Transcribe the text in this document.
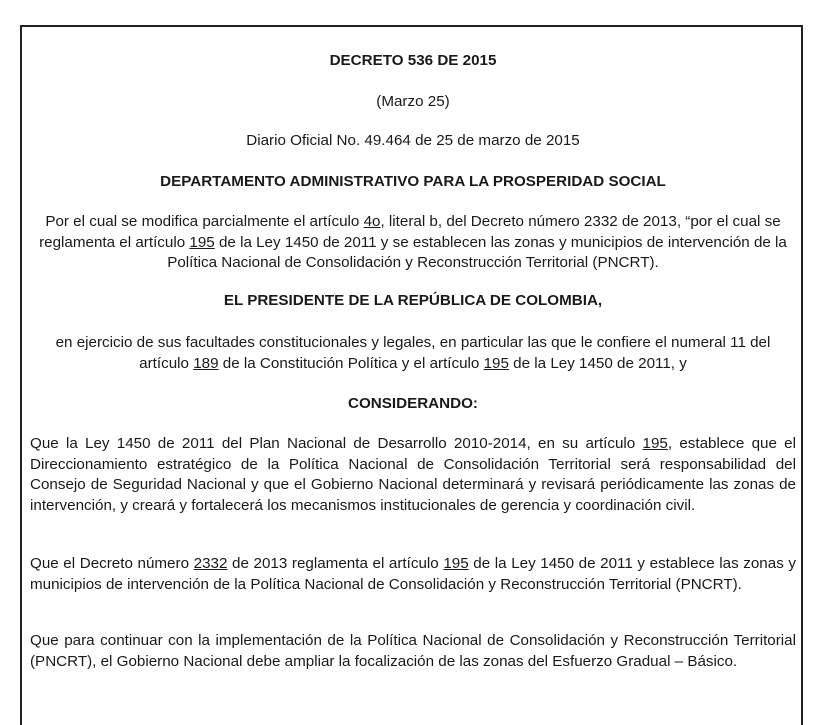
DECRETO 536 DE 2015

(Marzo 25)

Diario Oficial No. 49.464 de 25 de marzo de 2015

DEPARTAMENTO ADMINISTRATIVO PARA LA PROSPERIDAD SOCIAL

Por el cual se modifica parcialmente el artículo 4o, literal b, del Decreto número 2332 de 2013, “por el cual se reglamenta el artículo 195 de la Ley 1450 de 2011 y se establecen las zonas y municipios de intervención de la Política Nacional de Consolidación y Reconstrucción Territorial (PNCRT).

EL PRESIDENTE DE LA REPÚBLICA DE COLOMBIA,

en ejercicio de sus facultades constitucionales y legales, en particular las que le confiere el numeral 11 del artículo 189 de la Constitución Política y el artículo 195 de la Ley 1450 de 2011, y

CONSIDERANDO:

Que la Ley 1450 de 2011 del Plan Nacional de Desarrollo 2010-2014, en su artículo 195, establece que el Direccionamiento estratégico de la Política Nacional de Consolidación Territorial será responsabilidad del Consejo de Seguridad Nacional y que el Gobierno Nacional determinará y revisará periódicamente las zonas de intervención, y creará y fortalecerá los mecanismos institucionales de gerencia y coordinación civil.

Que el Decreto número 2332 de 2013 reglamenta el artículo 195 de la Ley 1450 de 2011 y establece las zonas y municipios de intervención de la Política Nacional de Consolidación y Reconstrucción Territorial (PNCRT).

Que para continuar con la implementación de la Política Nacional de Consolidación y Reconstrucción Territorial (PNCRT), el Gobierno Nacional debe ampliar la focalización de las zonas del Esfuerzo Gradual – Básico.
